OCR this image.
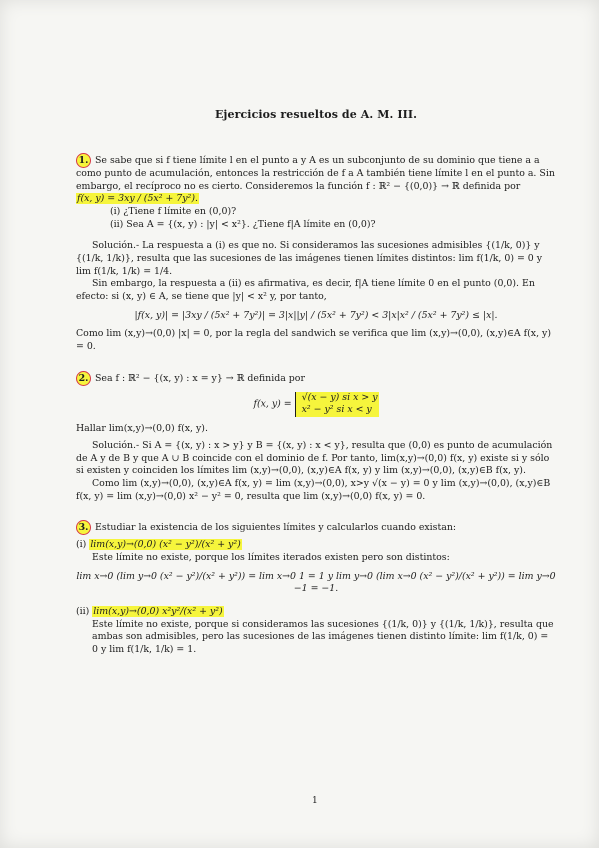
Ejercicios resueltos de A. M. III.

1. Se sabe que si f tiene límite l en el punto a y A es un subconjunto de su dominio que tiene a a como punto de acumulación, entonces la restricción de f a A también tiene límite l en el punto a. Sin embargo, el recíproco no es cierto. Consideremos la función f : ℝ² − {(0,0)} → ℝ definida por

f(x, y) = 3xy / (5x² + 7y²).

(i) ¿Tiene f límite en (0,0)?

(ii) Sea A = {(x, y) : |y| < x²}. ¿Tiene f|A límite en (0,0)?

Solución.- La respuesta a (i) es que no. Si consideramos las sucesiones admisibles {(1/k, 0)} y {(1/k, 1/k)}, resulta que las sucesiones de las imágenes tienen límites distintos: lim f(1/k, 0) = 0 y lim f(1/k, 1/k) = 1/4.

Sin embargo, la respuesta a (ii) es afirmativa, es decir, f|A tiene límite 0 en el punto (0,0). En efecto: si (x, y) ∈ A, se tiene que |y| < x² y, por tanto,

|f(x, y)| = |3xy / (5x² + 7y²)| = 3|x||y| / (5x² + 7y²) < 3|x|x² / (5x² + 7y²) ≤ |x|.

Como lim (x,y)→(0,0) |x| = 0, por la regla del sandwich se verifica que lim (x,y)→(0,0), (x,y)∈A f(x, y) = 0.

2. Sea f : ℝ² − {(x, y) : x = y} → ℝ definida por

f(x, y) =
√(x − y) si x > y
x² − y² si x < y

Hallar lim(x,y)→(0,0) f(x, y).

Solución.- Si A = {(x, y) : x > y} y B = {(x, y) : x < y}, resulta que (0,0) es punto de acumulación de A y de B y que A ∪ B coincide con el dominio de f. Por tanto, lim(x,y)→(0,0) f(x, y) existe si y sólo si existen y coinciden los límites lim (x,y)→(0,0), (x,y)∈A f(x, y) y lim (x,y)→(0,0), (x,y)∈B f(x, y).

Como lim (x,y)→(0,0), (x,y)∈A f(x, y) = lim (x,y)→(0,0), x>y √(x − y) = 0 y lim (x,y)→(0,0), (x,y)∈B f(x, y) = lim (x,y)→(0,0) x² − y² = 0, resulta que lim (x,y)→(0,0) f(x, y) = 0.

3. Estudiar la existencia de los siguientes límites y calcularlos cuando existan:

(i) lim(x,y)→(0,0) (x² − y²)/(x² + y²)

Este límite no existe, porque los límites iterados existen pero son distintos:

lim x→0 (lim y→0 (x² − y²)/(x² + y²)) = lim x→0 1 = 1 y lim y→0 (lim x→0 (x² − y²)/(x² + y²)) = lim y→0 −1 = −1.

(ii) lim(x,y)→(0,0) x²y²/(x² + y²)

Este límite no existe, porque si consideramos las sucesiones {(1/k, 0)} y {(1/k, 1/k)}, resulta que ambas son admisibles, pero las sucesiones de las imágenes tienen distinto límite: lim f(1/k, 0) = 0 y lim f(1/k, 1/k) = 1.

1
